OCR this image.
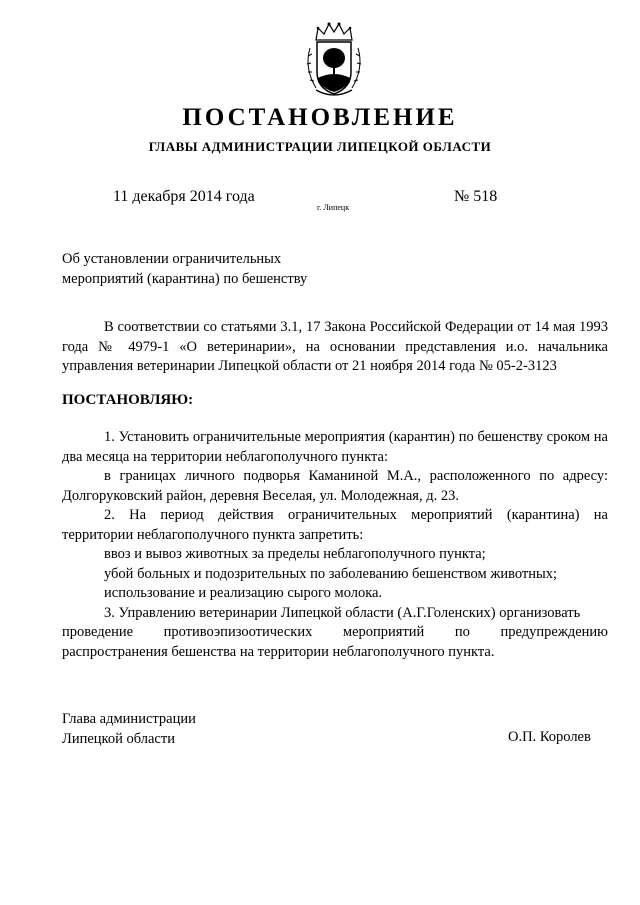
ПОСТАНОВЛЕНИЕ
ГЛАВЫ АДМИНИСТРАЦИИ ЛИПЕЦКОЙ ОБЛАСТИ
11 декабря 2014 года
г. Липецк
№ 518
Об установлении ограничительных
мероприятий (карантина) по бешенству

В соответствии со статьями 3.1, 17 Закона Российской Федерации от 14 мая 1993 года № 4979-1 «О ветеринарии», на основании представления и.о. начальника управления ветеринарии Липецкой области от 21 ноября 2014 года № 05-2-3123

ПОСТАНОВЛЯЮ:

1. Установить ограничительные мероприятия (карантин) по бешенству сроком на два месяца на территории неблагополучного пункта:

в границах личного подворья Каманиной М.А., расположенного по адресу: Долгоруковский район, деревня Веселая, ул. Молодежная, д. 23.

2. На период действия ограничительных мероприятий (карантина) на территории неблагополучного пункта запретить:

ввоз и вывоз животных за пределы неблагополучного пункта;

убой больных и подозрительных по заболеванию бешенством животных;

использование и реализацию сырого молока.

3. Управлению ветеринарии Липецкой области (А.Г.Голенских) организовать

проведение противоэпизоотических мероприятий по предупреждению

распространения бешенства на территории неблагополучного пункта.

Глава администрации
Липецкой области	О.П. Королев
